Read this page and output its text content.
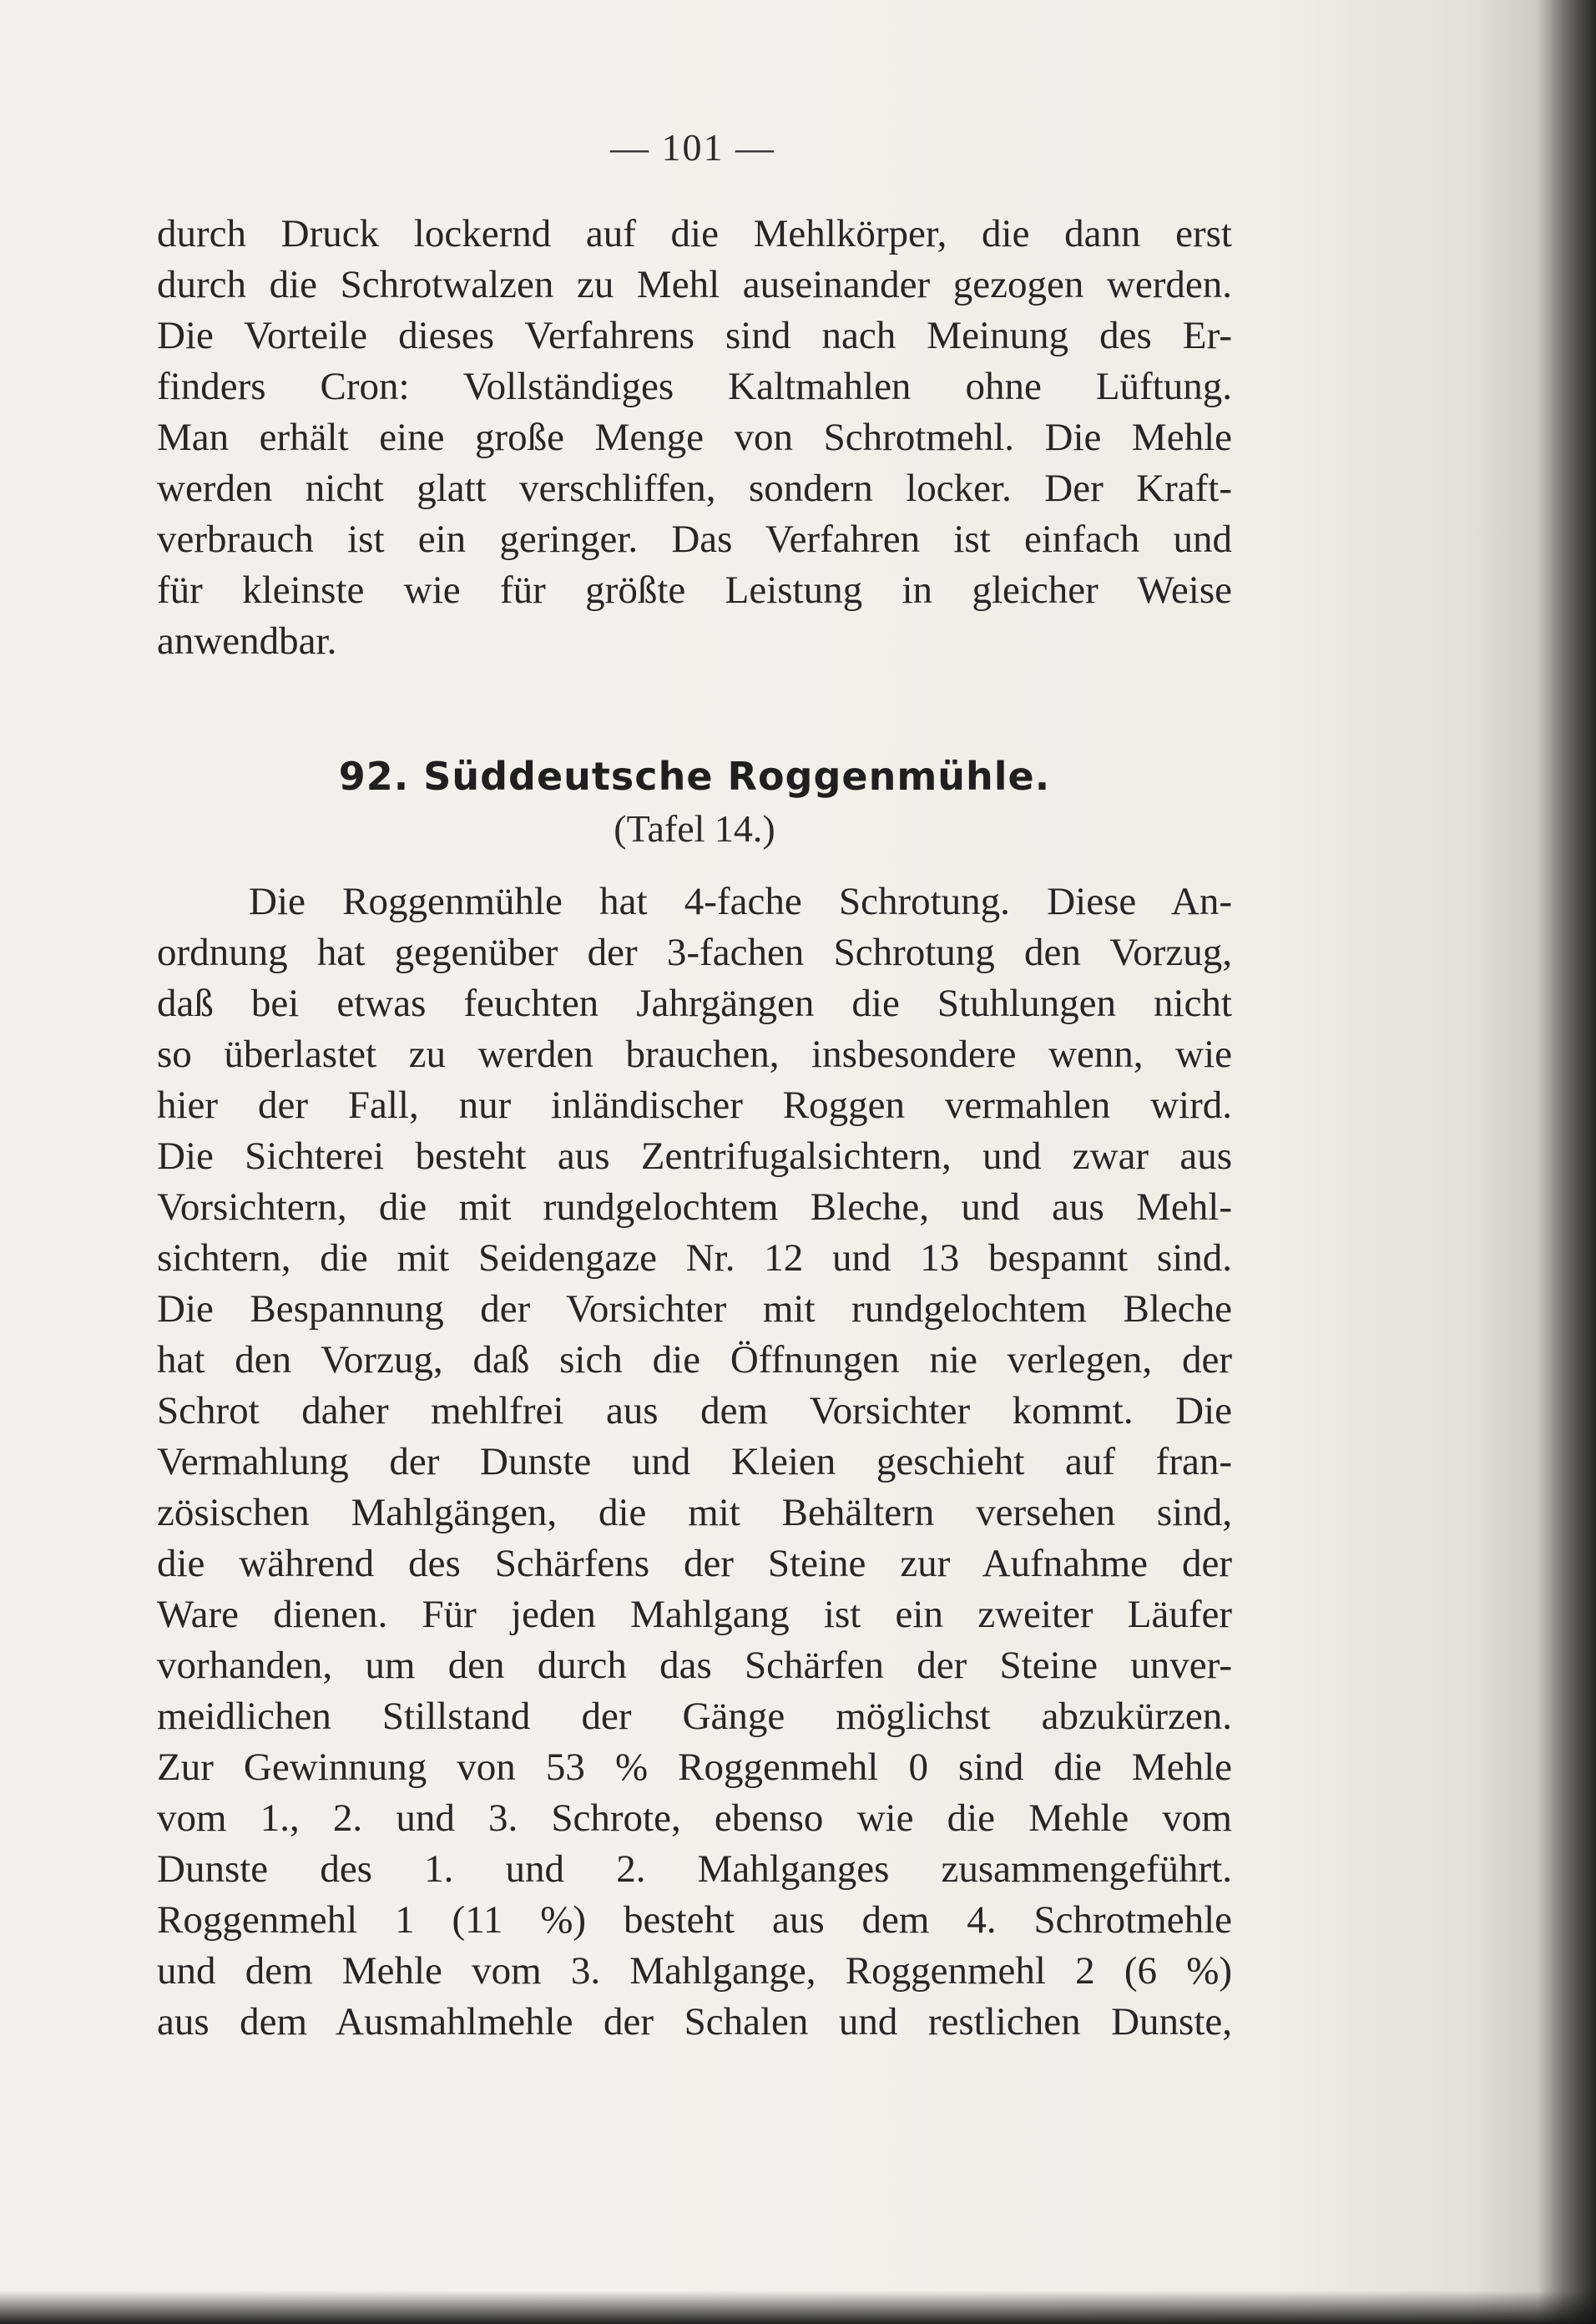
— 101 —
durch Druck lockernd auf die Mehlkörper, die dann erst
durch die Schrotwalzen zu Mehl auseinander gezogen werden.
Die Vorteile dieses Verfahrens sind nach Meinung des Er-
finders Cron: Vollständiges Kaltmahlen ohne Lüftung.
Man erhält eine große Menge von Schrotmehl. Die Mehle
werden nicht glatt verschliffen, sondern locker. Der Kraft-
verbrauch ist ein geringer. Das Verfahren ist einfach und
für kleinste wie für größte Leistung in gleicher Weise
anwendbar.
92. Süddeutsche Roggenmühle.
(Tafel 14.)
Die Roggenmühle hat 4-fache Schrotung. Diese An-
ordnung hat gegenüber der 3-fachen Schrotung den Vorzug,
daß bei etwas feuchten Jahrgängen die Stuhlungen nicht
so überlastet zu werden brauchen, insbesondere wenn, wie
hier der Fall, nur inländischer Roggen vermahlen wird.
Die Sichterei besteht aus Zentrifugalsichtern, und zwar aus
Vorsichtern, die mit rundgelochtem Bleche, und aus Mehl-
sichtern, die mit Seidengaze Nr. 12 und 13 bespannt sind.
Die Bespannung der Vorsichter mit rundgelochtem Bleche
hat den Vorzug, daß sich die Öffnungen nie verlegen, der
Schrot daher mehlfrei aus dem Vorsichter kommt. Die
Vermahlung der Dunste und Kleien geschieht auf fran-
zösischen Mahlgängen, die mit Behältern versehen sind,
die während des Schärfens der Steine zur Aufnahme der
Ware dienen. Für jeden Mahlgang ist ein zweiter Läufer
vorhanden, um den durch das Schärfen der Steine unver-
meidlichen Stillstand der Gänge möglichst abzukürzen.
Zur Gewinnung von 53 % Roggenmehl 0 sind die Mehle
vom 1., 2. und 3. Schrote, ebenso wie die Mehle vom
Dunste des 1. und 2. Mahlganges zusammengeführt.
Roggenmehl 1 (11 %) besteht aus dem 4. Schrotmehle
und dem Mehle vom 3. Mahlgange, Roggenmehl 2 (6 %)
aus dem Ausmahlmehle der Schalen und restlichen Dunste,
